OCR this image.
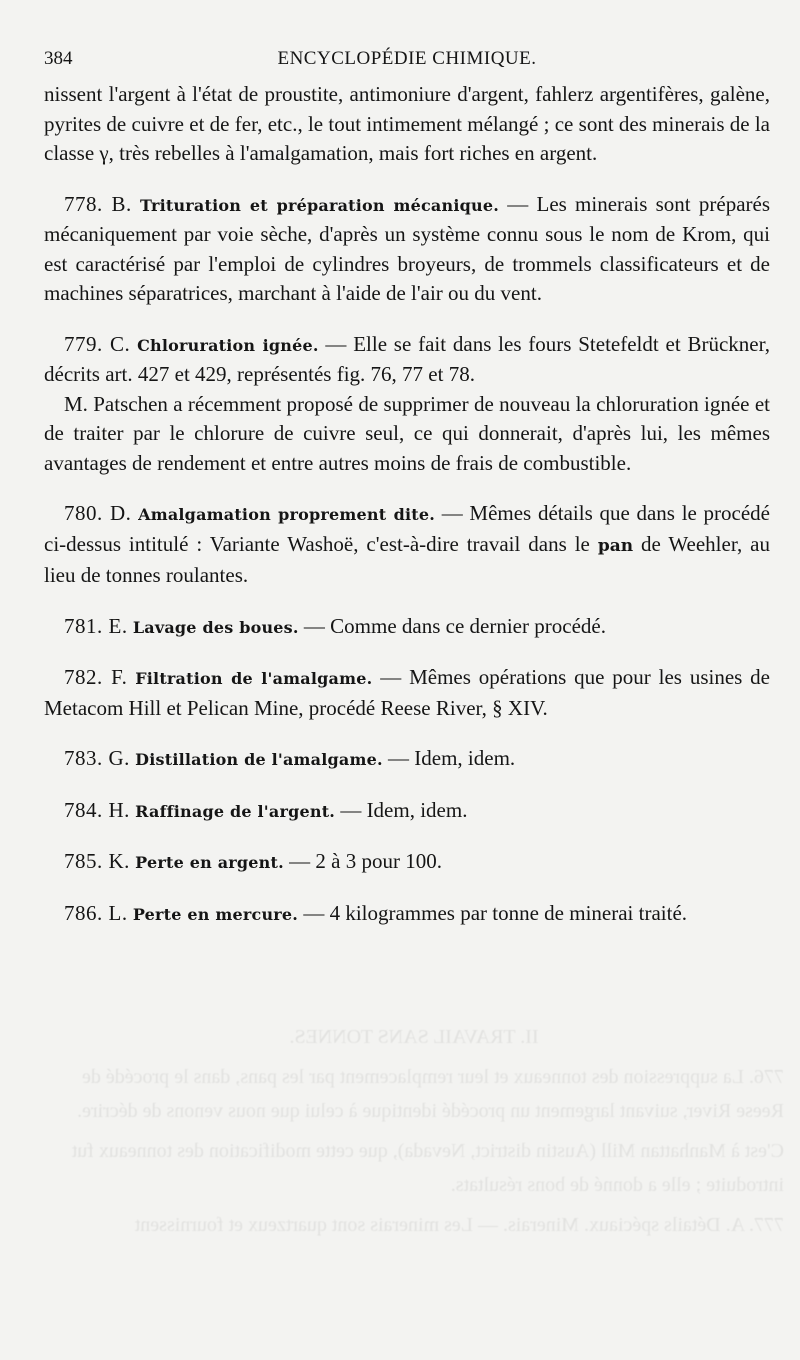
384	ENCYCLOPÉDIE CHIMIQUE.

nissent l'argent à l'état de proustite, antimoniure d'argent, fahlerz argentifères, galène, pyrites de cuivre et de fer, etc., le tout intimement mélangé ; ce sont des minerais de la classe γ, très rebelles à l'amalgamation, mais fort riches en argent.

778. B. Trituration et préparation mécanique. — Les minerais sont préparés mécaniquement par voie sèche, d'après un système connu sous le nom de Krom, qui est caractérisé par l'emploi de cylindres broyeurs, de trommels classificateurs et de machines séparatrices, marchant à l'aide de l'air ou du vent.

779. C. Chloruration ignée. — Elle se fait dans les fours Stetefeldt et Brückner, décrits art. 427 et 429, représentés fig. 76, 77 et 78.

M. Patschen a récemment proposé de supprimer de nouveau la chloruration ignée et de traiter par le chlorure de cuivre seul, ce qui donnerait, d'après lui, les mêmes avantages de rendement et entre autres moins de frais de combustible.

780. D. Amalgamation proprement dite. — Mêmes détails que dans le procédé ci-dessus intitulé : Variante Washoë, c'est-à-dire travail dans le pan de Weehler, au lieu de tonnes roulantes.

781. E. Lavage des boues. — Comme dans ce dernier procédé.

782. F. Filtration de l'amalgame. — Mêmes opérations que pour les usines de Metacom Hill et Pelican Mine, procédé Reese River, § XIV.

783. G. Distillation de l'amalgame. — Idem, idem.

784. H. Raffinage de l'argent. — Idem, idem.

785. K. Perte en argent. — 2 à 3 pour 100.

786. L. Perte en mercure. — 4 kilogrammes par tonne de minerai traité.

II. TRAVAIL SANS TONNES.

776. La suppression des tonneaux et leur remplacement par les pans, dans le procédé de Reese River, suivant largement un procédé identique à celui que nous venons de décrire.

C'est à Manhattan Mill (Austin district, Nevada), que cette modification des tonneaux fut introduite ; elle a donné de bons résultats.

777. A. Détails spéciaux. Minerais. — Les minerais sont quartzeux et fournissent
